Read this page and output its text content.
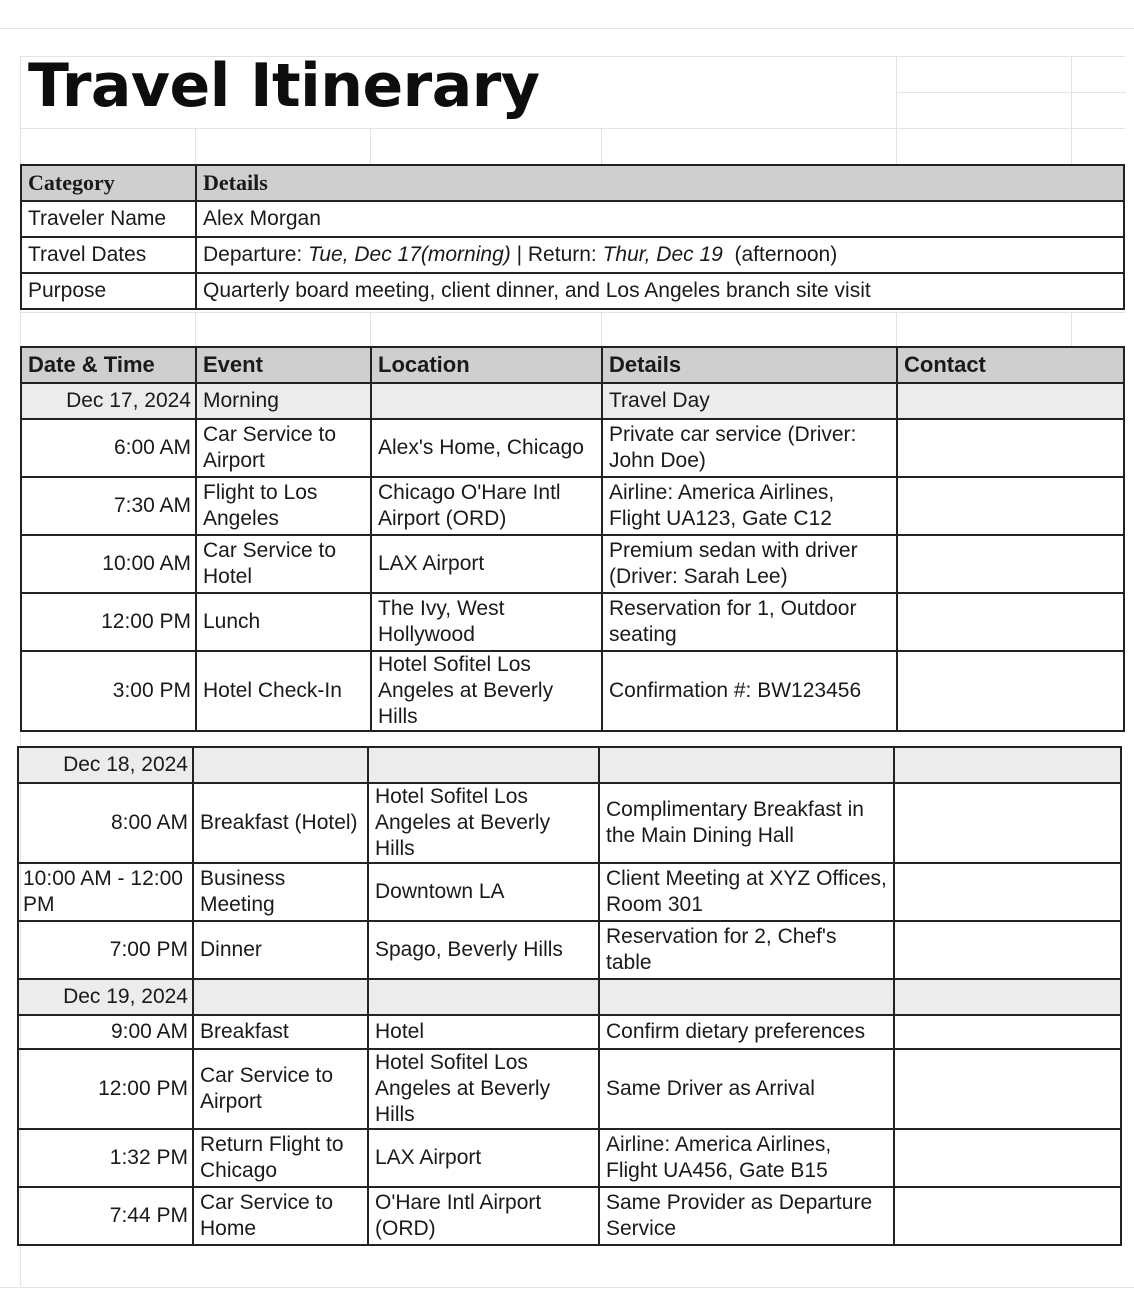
Travel Itinerary
Category	Details
Traveler Name	Alex Morgan
Travel Dates	Departure: Tue, Dec 17(morning) | Return: Thur, Dec 19  (afternoon)
Purpose	Quarterly board meeting, client dinner, and Los Angeles branch site visit
Date & Time	Event	Location	Details	Contact
Dec 17, 2024	Morning		Travel Day	
6:00 AM	Car Service to Airport	Alex's Home, Chicago	Private car service (Driver: John Doe)	
7:30 AM	Flight to Los Angeles	Chicago O'Hare Intl Airport (ORD)	Airline: America Airlines, Flight UA123, Gate C12	
10:00 AM	Car Service to Hotel	LAX Airport	Premium sedan with driver (Driver: Sarah Lee)	
12:00 PM	Lunch	The Ivy, West Hollywood	Reservation for 1, Outdoor seating	
3:00 PM	Hotel Check-In	Hotel Sofitel Los Angeles at Beverly Hills	Confirmation #: BW123456	
Dec 18, 2024				
8:00 AM	Breakfast (Hotel)	Hotel Sofitel Los Angeles at Beverly Hills	Complimentary Breakfast in the Main Dining Hall	
10:00 AM - 12:00 PM	Business Meeting	Downtown LA	Client Meeting at XYZ Offices, Room 301	
7:00 PM	Dinner	Spago, Beverly Hills	Reservation for 2, Chef's table	
Dec 19, 2024				
9:00 AM	Breakfast	Hotel	Confirm dietary preferences	
12:00 PM	Car Service to Airport	Hotel Sofitel Los Angeles at Beverly Hills	Same Driver as Arrival	
1:32 PM	Return Flight to Chicago	LAX Airport	Airline: America Airlines, Flight UA456, Gate B15	
7:44 PM	Car Service to Home	O'Hare Intl Airport (ORD)	Same Provider as Departure Service	
